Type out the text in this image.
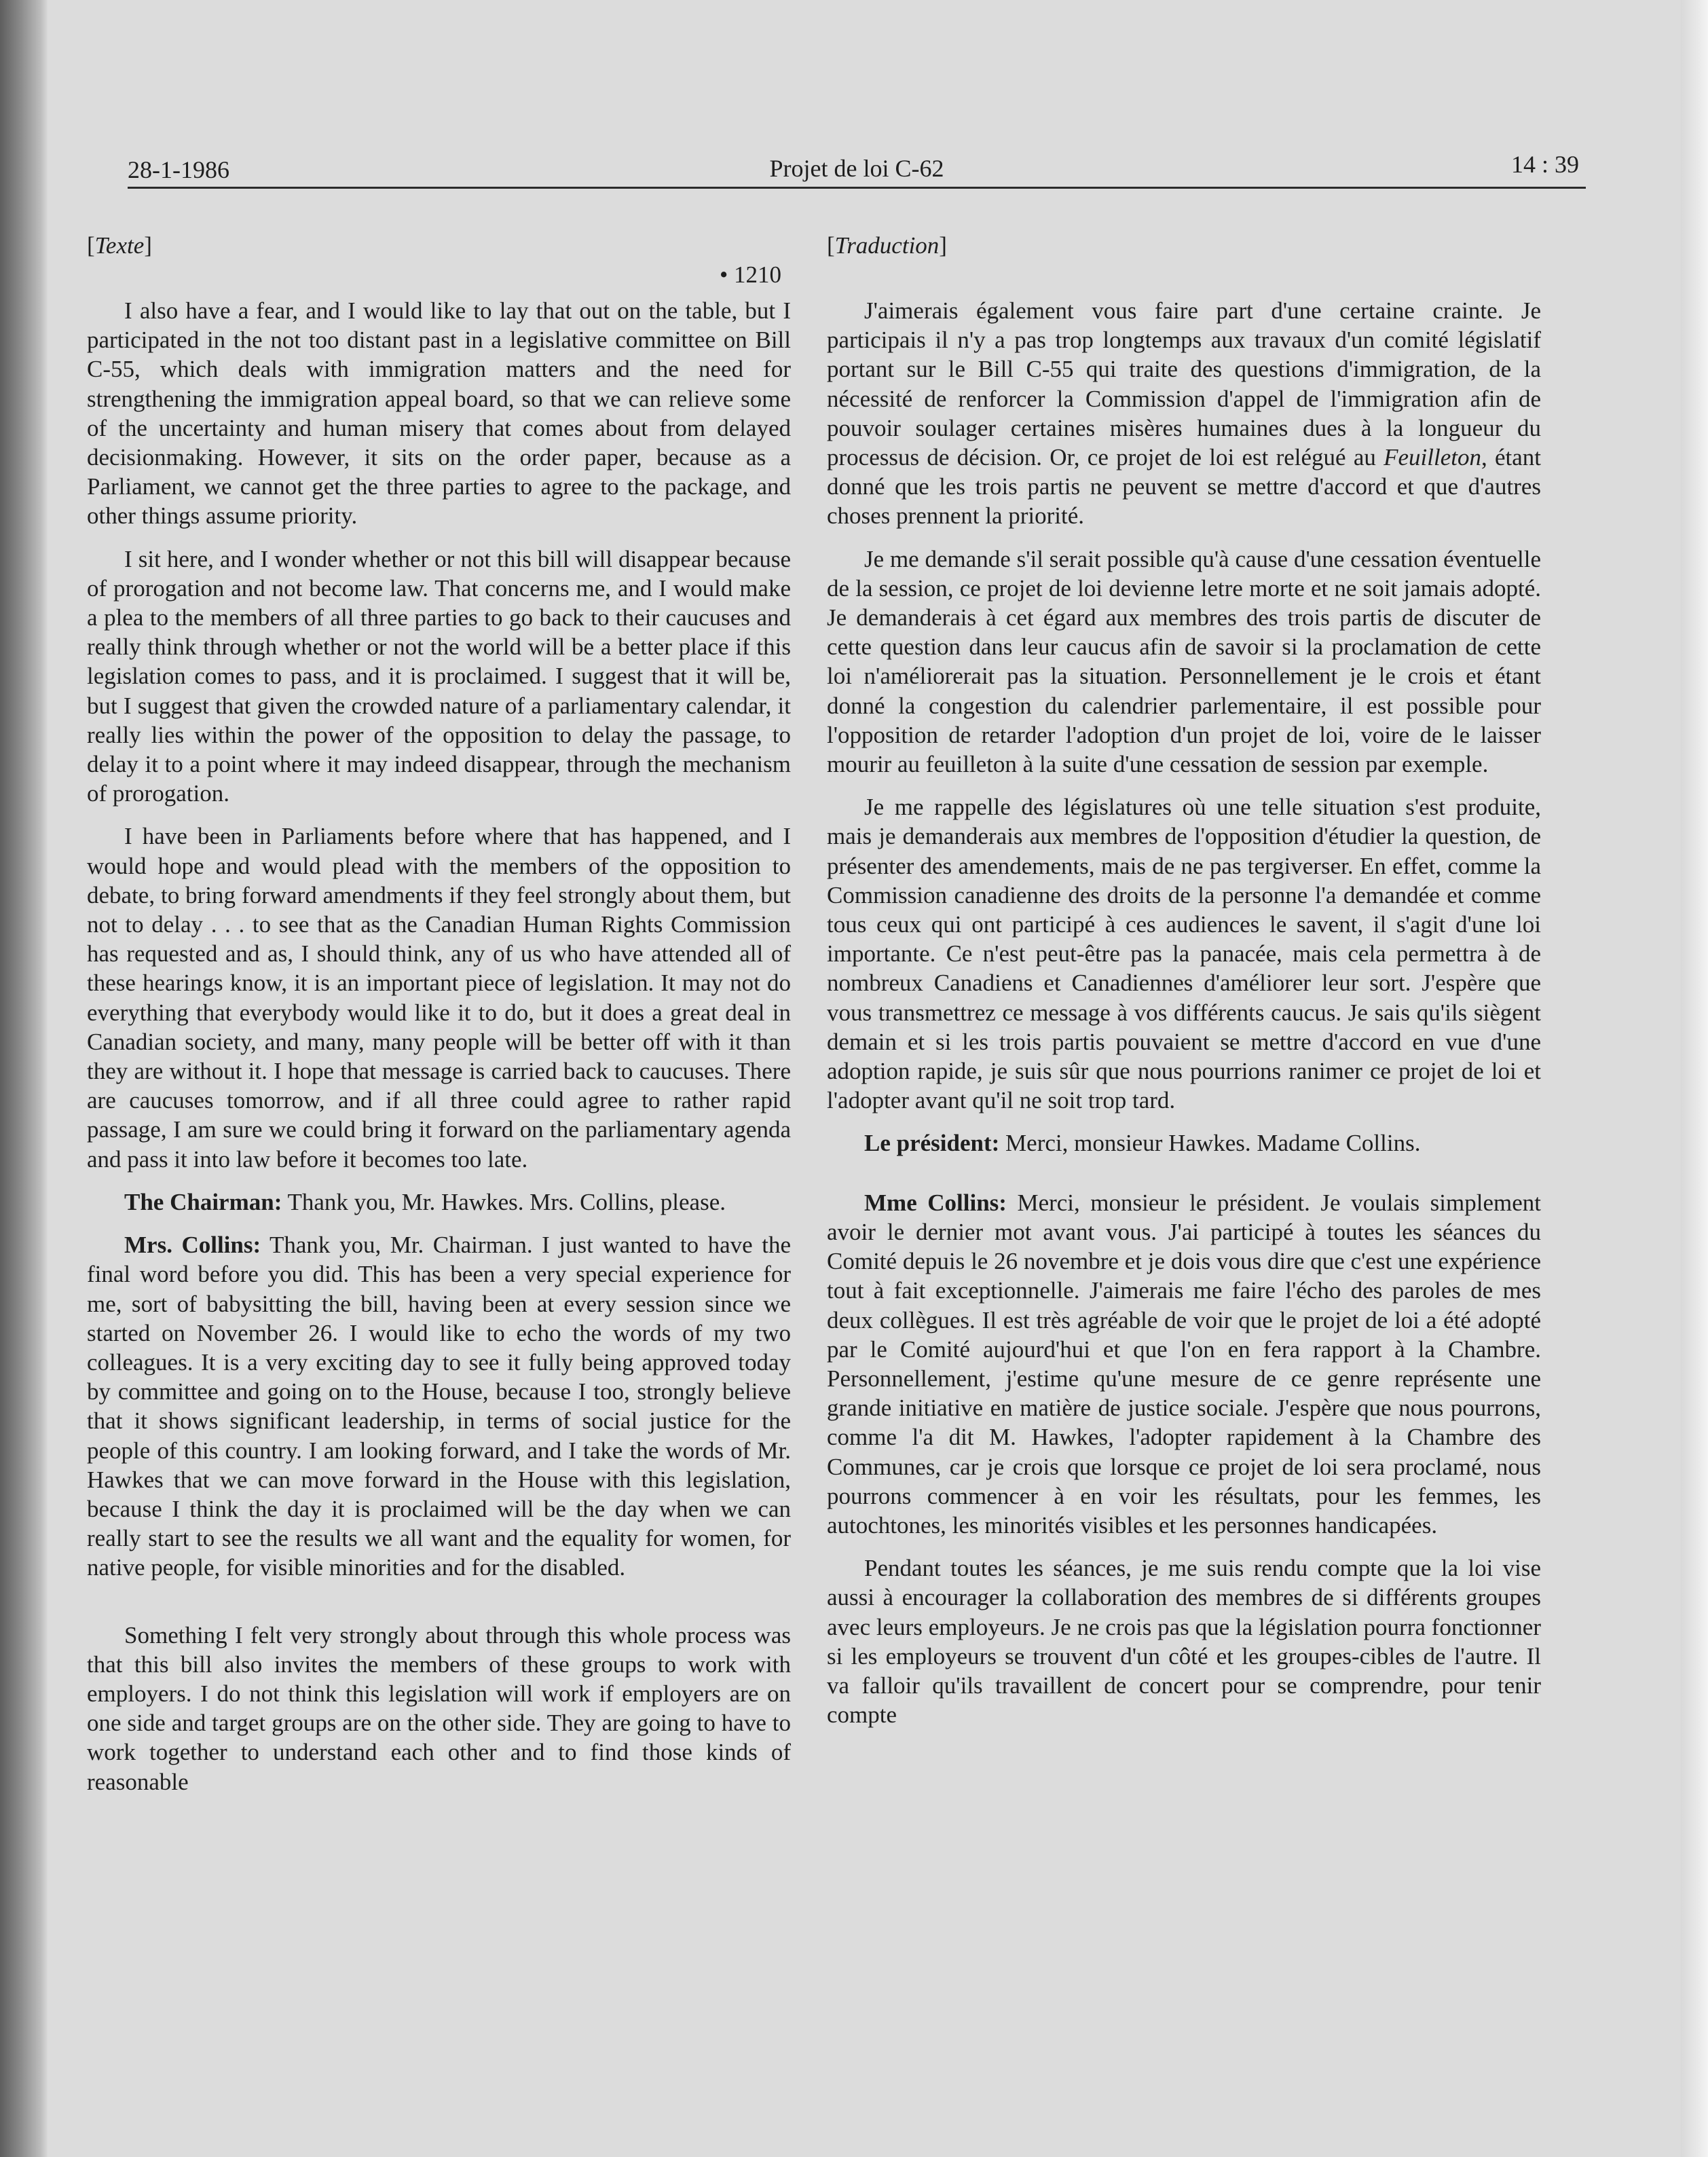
28-1-1986	Projet de loi C-62	14 : 39
[Texte]
• 1210

I also have a fear, and I would like to lay that out on the table, but I participated in the not too distant past in a legislative committee on Bill C-55, which deals with immigration matters and the need for strengthening the immigration appeal board, so that we can relieve some of the uncertainty and human misery that comes about from delayed decisionmaking. However, it sits on the order paper, because as a Parliament, we cannot get the three parties to agree to the package, and other things assume priority.

I sit here, and I wonder whether or not this bill will disappear because of prorogation and not become law. That concerns me, and I would make a plea to the members of all three parties to go back to their caucuses and really think through whether or not the world will be a better place if this legislation comes to pass, and it is proclaimed. I suggest that it will be, but I suggest that given the crowded nature of a parliamentary calendar, it really lies within the power of the opposition to delay the passage, to delay it to a point where it may indeed disappear, through the mechanism of prorogation.

I have been in Parliaments before where that has happened, and I would hope and would plead with the members of the opposition to debate, to bring forward amendments if they feel strongly about them, but not to delay . . . to see that as the Canadian Human Rights Commission has requested and as, I should think, any of us who have attended all of these hearings know, it is an important piece of legislation. It may not do everything that everybody would like it to do, but it does a great deal in Canadian society, and many, many people will be better off with it than they are without it. I hope that message is carried back to caucuses. There are caucuses tomorrow, and if all three could agree to rather rapid passage, I am sure we could bring it forward on the parliamentary agenda and pass it into law before it becomes too late.

The Chairman: Thank you, Mr. Hawkes. Mrs. Collins, please.

Mrs. Collins: Thank you, Mr. Chairman. I just wanted to have the final word before you did. This has been a very special experience for me, sort of babysitting the bill, having been at every session since we started on November 26. I would like to echo the words of my two colleagues. It is a very exciting day to see it fully being approved today by committee and going on to the House, because I too, strongly believe that it shows significant leadership, in terms of social justice for the people of this country. I am looking forward, and I take the words of Mr. Hawkes that we can move forward in the House with this legislation, because I think the day it is proclaimed will be the day when we can really start to see the results we all want and the equality for women, for native people, for visible minorities and for the disabled.

Something I felt very strongly about through this whole process was that this bill also invites the members of these groups to work with employers. I do not think this legislation will work if employers are on one side and target groups are on the other side. They are going to have to work together to understand each other and to find those kinds of reasonable

[Traduction]

J'aimerais également vous faire part d'une certaine crainte. Je participais il n'y a pas trop longtemps aux travaux d'un comité législatif portant sur le Bill C-55 qui traite des questions d'immigration, de la nécessité de renforcer la Commission d'appel de l'immigration afin de pouvoir soulager certaines misères humaines dues à la longueur du processus de décision. Or, ce projet de loi est relégué au Feuilleton, étant donné que les trois partis ne peuvent se mettre d'accord et que d'autres choses prennent la priorité.

Je me demande s'il serait possible qu'à cause d'une cessation éventuelle de la session, ce projet de loi devienne letre morte et ne soit jamais adopté. Je demanderais à cet égard aux membres des trois partis de discuter de cette question dans leur caucus afin de savoir si la proclamation de cette loi n'améliorerait pas la situation. Personnellement je le crois et étant donné la congestion du calendrier parlementaire, il est possible pour l'opposition de retarder l'adoption d'un projet de loi, voire de le laisser mourir au feuilleton à la suite d'une cessation de session par exemple.

Je me rappelle des législatures où une telle situation s'est produite, mais je demanderais aux membres de l'opposition d'étudier la question, de présenter des amendements, mais de ne pas tergiverser. En effet, comme la Commission canadienne des droits de la personne l'a demandée et comme tous ceux qui ont participé à ces audiences le savent, il s'agit d'une loi importante. Ce n'est peut-être pas la panacée, mais cela permettra à de nombreux Canadiens et Canadiennes d'améliorer leur sort. J'espère que vous transmettrez ce message à vos différents caucus. Je sais qu'ils siègent demain et si les trois partis pouvaient se mettre d'accord en vue d'une adoption rapide, je suis sûr que nous pourrions ranimer ce projet de loi et l'adopter avant qu'il ne soit trop tard.

Le président: Merci, monsieur Hawkes. Madame Collins.

Mme Collins: Merci, monsieur le président. Je voulais simplement avoir le dernier mot avant vous. J'ai participé à toutes les séances du Comité depuis le 26 novembre et je dois vous dire que c'est une expérience tout à fait exceptionnelle. J'aimerais me faire l'écho des paroles de mes deux collègues. Il est très agréable de voir que le projet de loi a été adopté par le Comité aujourd'hui et que l'on en fera rapport à la Chambre. Personnellement, j'estime qu'une mesure de ce genre représente une grande initiative en matière de justice sociale. J'espère que nous pourrons, comme l'a dit M. Hawkes, l'adopter rapidement à la Chambre des Communes, car je crois que lorsque ce projet de loi sera proclamé, nous pourrons commencer à en voir les résultats, pour les femmes, les autochtones, les minorités visibles et les personnes handicapées.

Pendant toutes les séances, je me suis rendu compte que la loi vise aussi à encourager la collaboration des membres de si différents groupes avec leurs employeurs. Je ne crois pas que la législation pourra fonctionner si les employeurs se trouvent d'un côté et les groupes-cibles de l'autre. Il va falloir qu'ils travaillent de concert pour se comprendre, pour tenir compte
